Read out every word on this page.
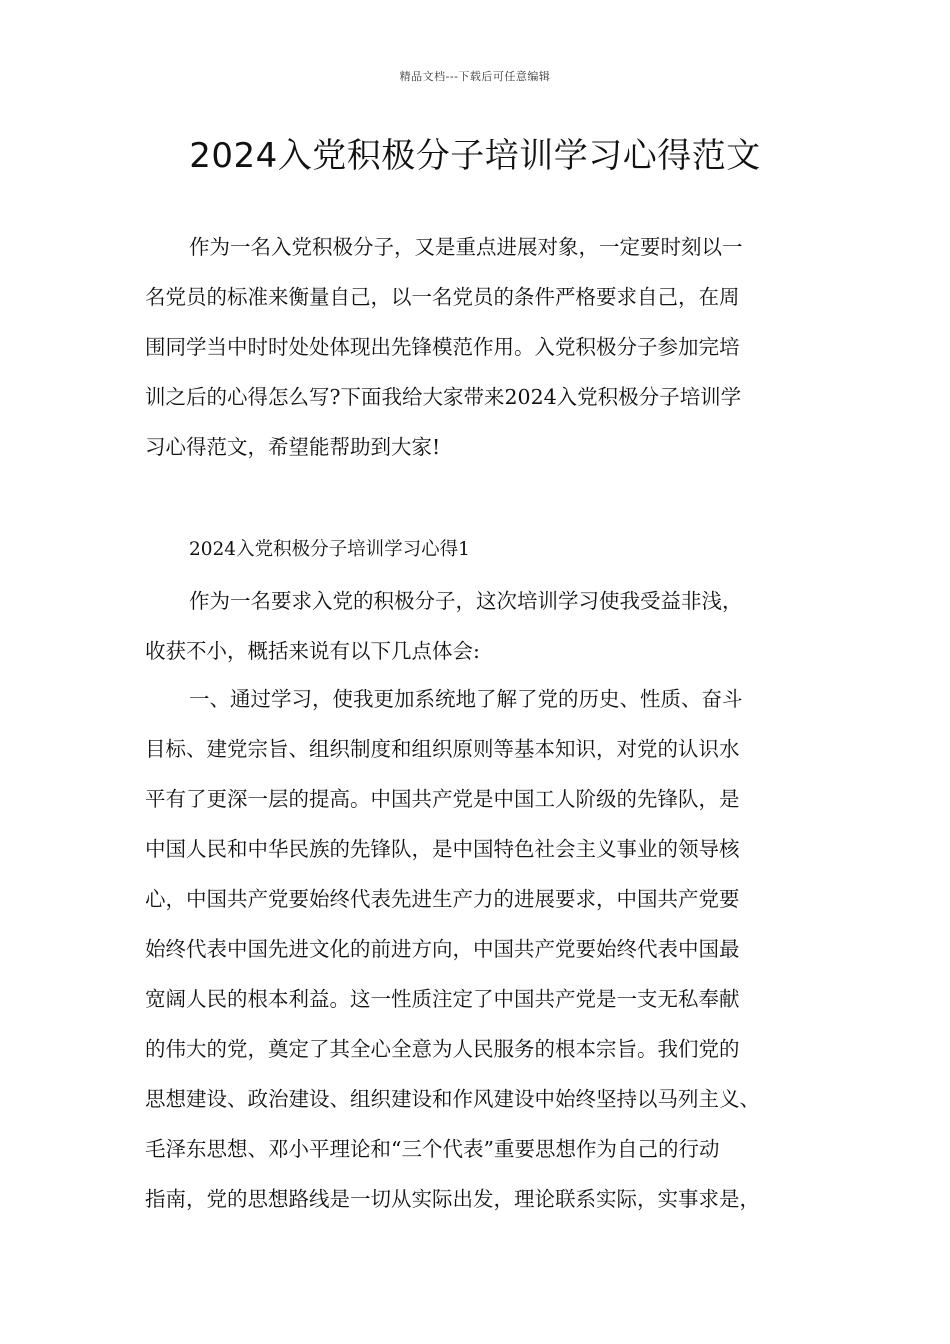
精品文档---下载后可任意编辑
2024入党积极分子培训学习心得范文

作为一名入党积极分子，又是重点进展对象，一定要时刻以一
名党员的标准来衡量自己，以一名党员的条件严格要求自己，在周
围同学当中时时处处体现出先锋模范作用。入党积极分子参加完培
训之后的心得怎么写?下面我给大家带来2024入党积极分子培训学
习心得范文，希望能帮助到大家!

2024入党积极分子培训学习心得1

作为一名要求入党的积极分子，这次培训学习使我受益非浅，
收获不小，概括来说有以下几点体会:

一、通过学习，使我更加系统地了解了党的历史、性质、奋斗
目标、建党宗旨、组织制度和组织原则等基本知识，对党的认识水
平有了更深一层的提高。中国共产党是中国工人阶级的先锋队，是
中国人民和中华民族的先锋队，是中国特色社会主义事业的领导核
心，中国共产党要始终代表先进生产力的进展要求，中国共产党要
始终代表中国先进文化的前进方向，中国共产党要始终代表中国最
宽阔人民的根本利益。这一性质注定了中国共产党是一支无私奉献
的伟大的党，奠定了其全心全意为人民服务的根本宗旨。我们党的
思想建设、政治建设、组织建设和作风建设中始终坚持以马列主义、
毛泽东思想、邓小平理论和“三个代表”重要思想作为自己的行动
指南，党的思想路线是一切从实际出发，理论联系实际，实事求是，
